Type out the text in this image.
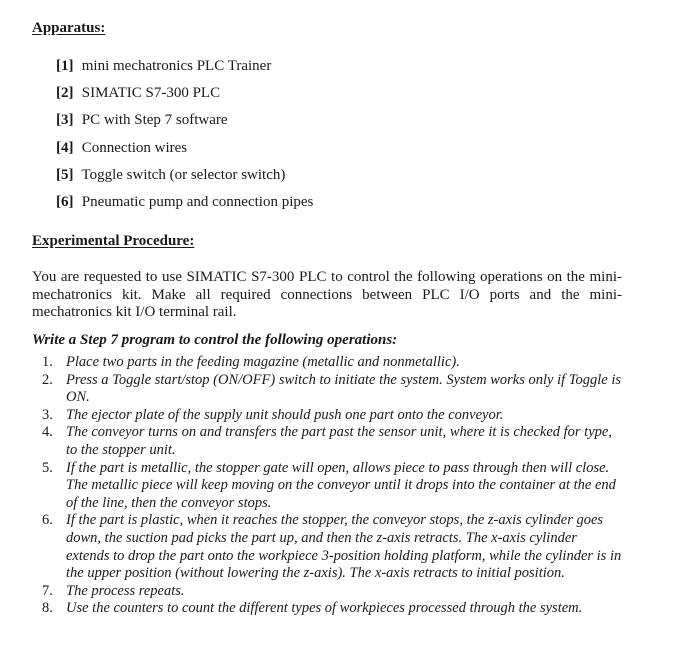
Apparatus:
[1] mini mechatronics PLC Trainer
[2] SIMATIC S7-300 PLC
[3] PC with Step 7 software
[4] Connection wires
[5] Toggle switch (or selector switch)
[6] Pneumatic pump and connection pipes
Experimental Procedure:

You are requested to use SIMATIC S7-300 PLC to control the following operations on the mini-mechatronics kit. Make all required connections between PLC I/O ports and the mini-mechatronics kit I/O terminal rail.

Write a Step 7 program to control the following operations:

1. Place two parts in the feeding magazine (metallic and nonmetallic).
2. Press a Toggle start/stop (ON/OFF) switch to initiate the system. System works only if Toggle is ON.
3. The ejector plate of the supply unit should push one part onto the conveyor.
4. The conveyor turns on and transfers the part past the sensor unit, where it is checked for type, to the stopper unit.
5. If the part is metallic, the stopper gate will open, allows piece to pass through then will close. The metallic piece will keep moving on the conveyor until it drops into the container at the end of the line, then the conveyor stops.
6. If the part is plastic, when it reaches the stopper, the conveyor stops, the z-axis cylinder goes down, the suction pad picks the part up, and then the z-axis retracts. The x-axis cylinder extends to drop the part onto the workpiece 3-position holding platform, while the cylinder is in the upper position (without lowering the z-axis). The x-axis retracts to initial position.
7. The process repeats.
8. Use the counters to count the different types of workpieces processed through the system.
